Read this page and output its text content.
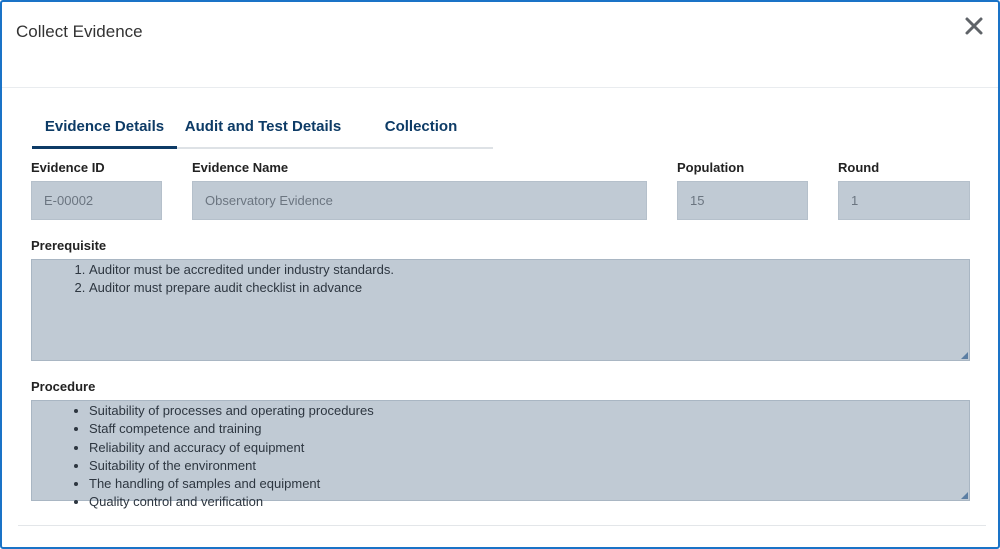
Collect Evidence
Evidence Details	Audit and Test Details	Collection
Evidence ID
E-00002
Evidence Name
Observatory Evidence
Population
15
Round
1
Prerequisite
1. Auditor must be accredited under industry standards.
2. Auditor must prepare audit checklist in advance
Procedure
• Suitability of processes and operating procedures
• Staff competence and training
• Reliability and accuracy of equipment
• Suitability of the environment
• The handling of samples and equipment
• Quality control and verification
